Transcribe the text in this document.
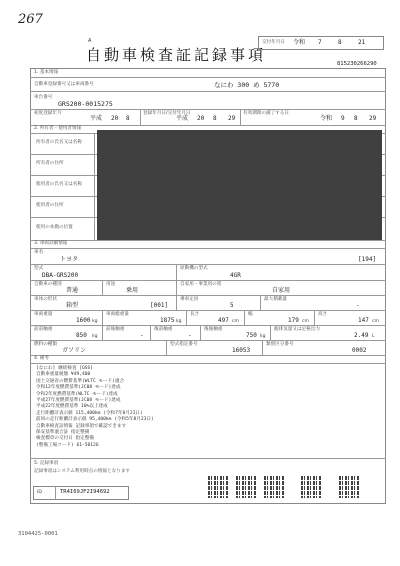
267
A
自動車検査証記録事項
交付年月日 令和 7	8	21
815230266290
1. 基本情報
自動車登録番号又は車両番号	なにわ 300 め 5770
車台番号
GRS200-0015275
初度登録年月
平成 20 8
登録年月日/交付年月日
平成 20 8 29
有効期間の満了する日
令和 9 8 29
2. 所有者・使用者情報
所有者の氏名又は名称
所有者の住所
使用者の氏名又は名称
使用者の住所
使用の本拠の位置
3. 車両詳細情報
車名
トヨタ	[194]
型式
DBA-GRS200
原動機の型式
4GR
自動車の種別
普通
用途
乗用
自家用・事業用の別
自家用
車体の形状
箱型	[001]
乗車定員
5
最大積載量
-
車両重量
1600 kg
車両総重量
1875 kg
長さ
497 cm
幅
179 cm
高さ
147 cm
前前軸重
850 kg
前後軸重
-
後前軸重
-
後後軸重
750 kg
総排気量又は定格出力
2.49 L
燃料の種類
ガソリン
型式指定番号
16053
類別区分番号
0002
4. 備考
[なにわ] 継続検査 [OSS]
自動車重量税額 ¥49,400
国土交通省の燃費基準(WLTC モード)適合
令和12年度燃費基準(JC08 モード)達成
令和2年度燃費基準(WLTC モード)達成
平成27年度燃費基準(JC08 モード)達成
平成22年度燃費基準 10%以上達成
走行距離計表示値 115,400km (令和7年8月21日)
前回の走行距離計表示値 95,400km (令和5年8月23日)
自動車検査証情報 記録事項で確認できます
保安基準適合証 指定整備
検査標章の交付日 指定整備
(整備工場コード) 61-50126
5. 記録事項
記録事項はシステム利用時点の情報となります
ID	TR4I69JF2I94692
3104425-0001
